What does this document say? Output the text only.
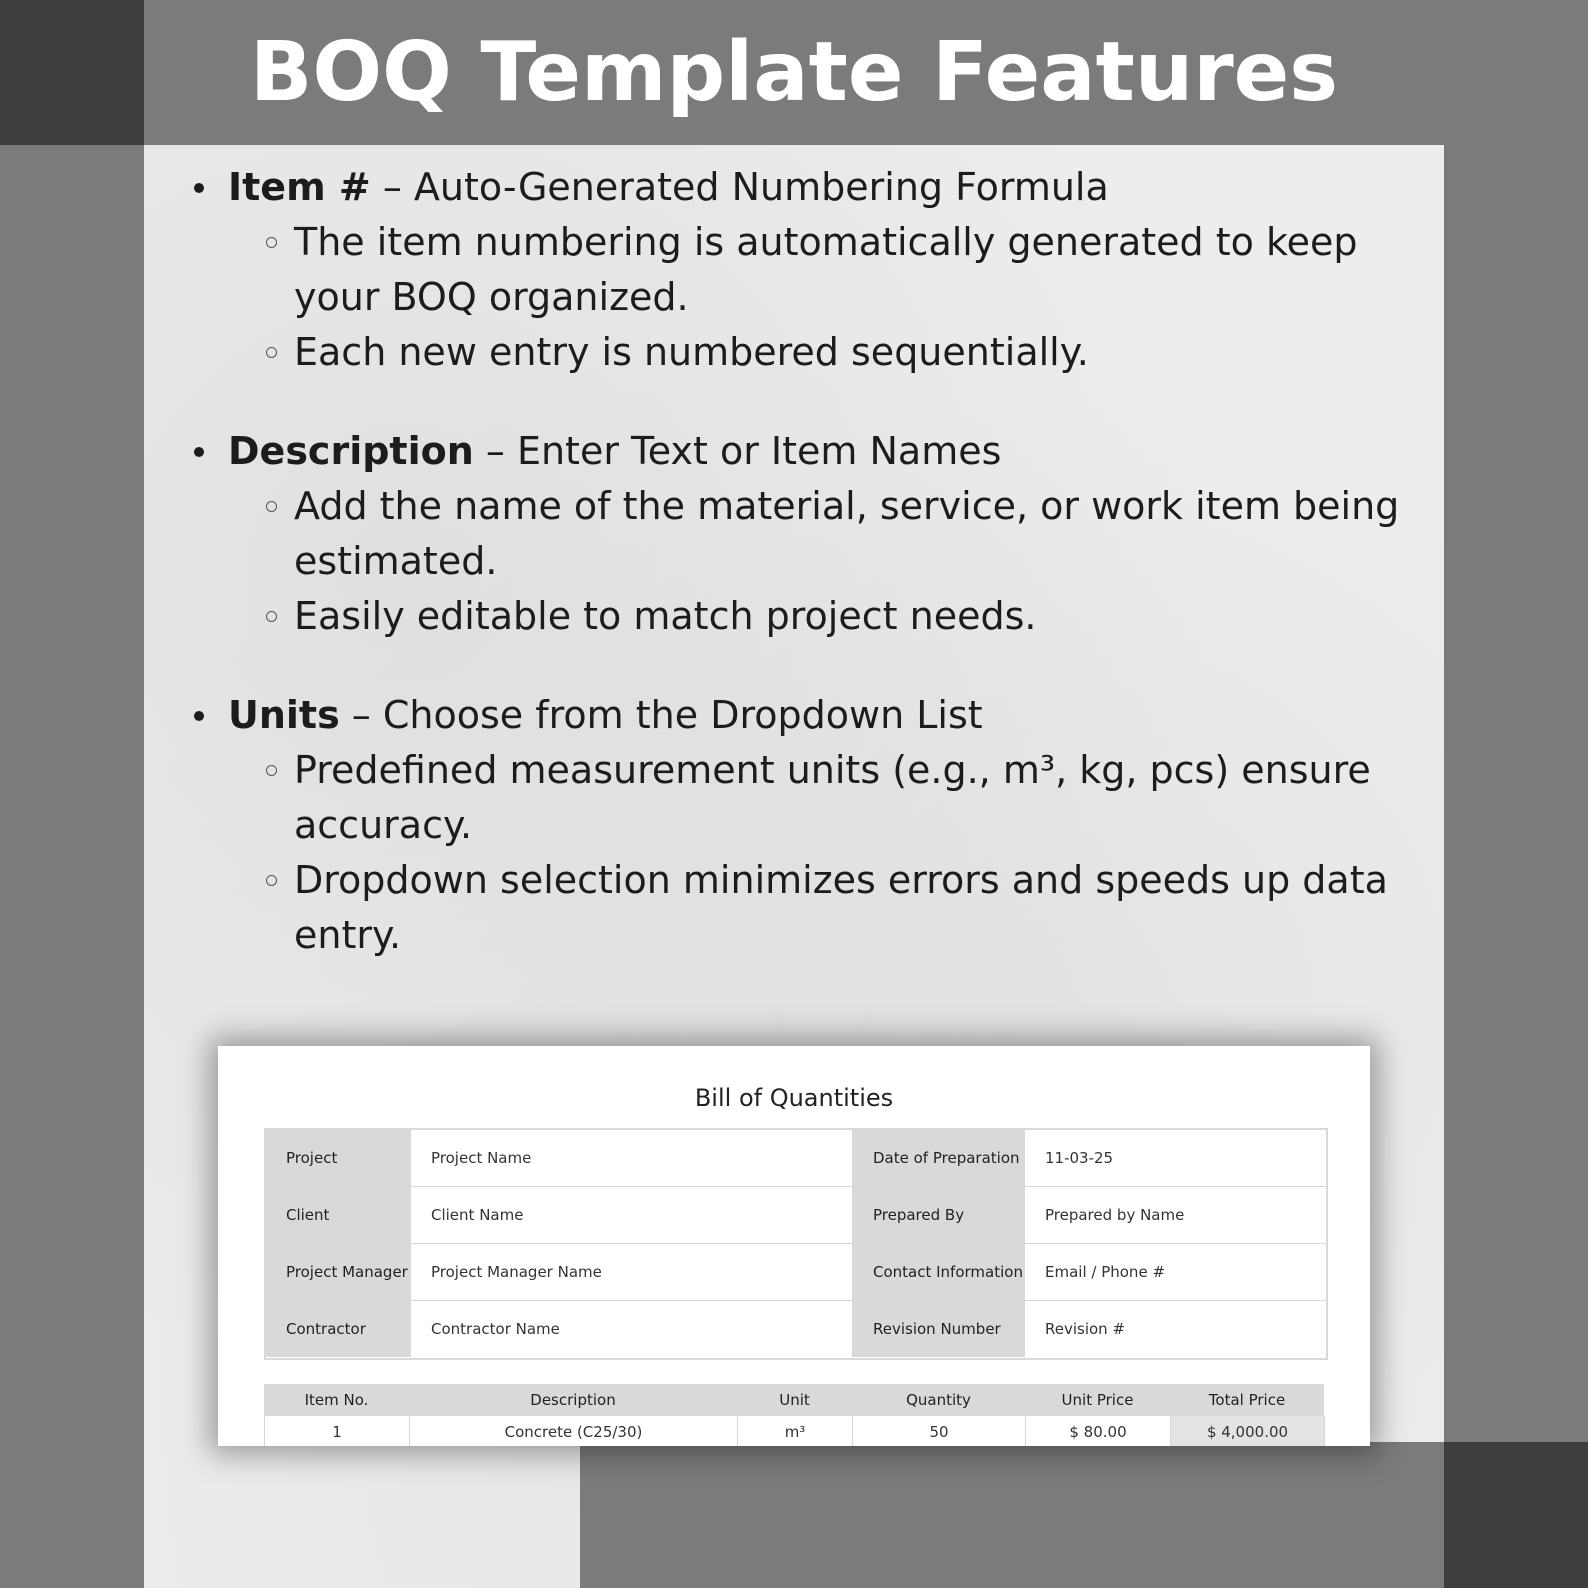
BOQ Template Features
Item # – Auto-Generated Numbering Formula
The item numbering is automatically generated to keep your BOQ organized.
Each new entry is numbered sequentially.
Description – Enter Text or Item Names
Add the name of the material, service, or work item being estimated.
Easily editable to match project needs.
Units – Choose from the Dropdown List
Predefined measurement units (e.g., m³, kg, pcs) ensure accuracy.
Dropdown selection minimizes errors and speeds up data entry.
Bill of Quantities
Project	Project Name	Date of Preparation	11-03-25
Client	Client Name	Prepared By	Prepared by Name
Project Manager	Project Manager Name	Contact Information	Email / Phone #
Contractor	Contractor Name	Revision Number	Revision #
Item No.	Description	Unit	Quantity	Unit Price	Total Price
1	Concrete (C25/30)	m³	50	$ 80.00	$ 4,000.00
